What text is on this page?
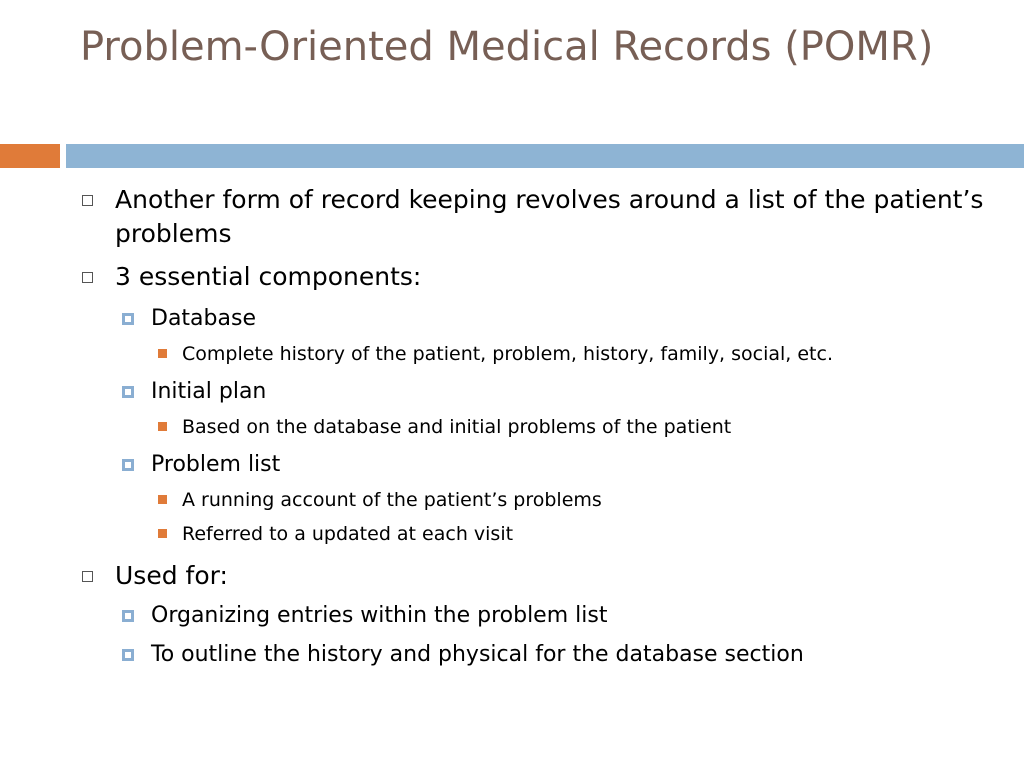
Problem-Oriented Medical Records (POMR)

Another form of record keeping revolves around a list of the patient’s problems

3 essential components:

Database

Complete history of the patient, problem, history, family, social, etc.

Initial plan

Based on the database and initial problems of the patient

Problem list

A running account of the patient’s problems

Referred to a updated at each visit

Used for:

Organizing entries within the problem list

To outline the history and physical for the database section
